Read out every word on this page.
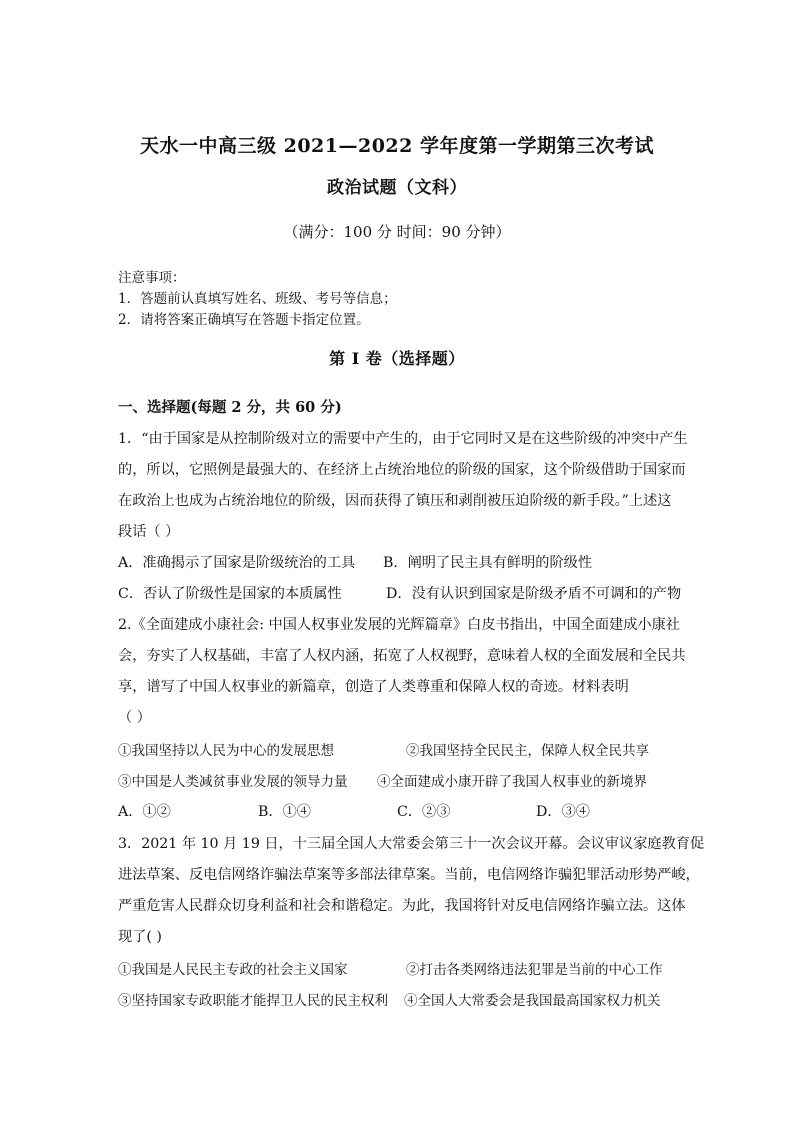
天水一中高三级 2021—2022 学年度第一学期第三次考试
政治试题（文科）
（满分：100 分 时间：90 分钟）
注意事项：
1．答题前认真填写姓名、班级、考号等信息；
2．请将答案正确填写在答题卡指定位置。
第 I 卷（选择题）
一、选择题(每题 2 分，共 60 分)
1．“由于国家是从控制阶级对立的需要中产生的，由于它同时又是在这些阶级的冲突中产生
的，所以，它照例是最强大的、在经济上占统治地位的阶级的国家，这个阶级借助于国家而
在政治上也成为占统治地位的阶级，因而获得了镇压和剥削被压迫阶级的新手段。”上述这
段话（ ）
A．准确揭示了国家是阶级统治的工具 B．阐明了民主具有鲜明的阶级性
C．否认了阶级性是国家的本质属性	D．没有认识到国家是阶级矛盾不可调和的产物
2.《全面建成小康社会: 中国人权事业发展的光辉篇章》白皮书指出，中国全面建成小康社
会，夯实了人权基础，丰富了人权内涵，拓宽了人权视野，意味着人权的全面发展和全民共
享，谱写了中国人权事业的新篇章，创造了人类尊重和保障人权的奇迹。材料表明
（ ）
①我国坚持以人民为中心的发展思想	②我国坚持全民民主，保障人权全民共享
③中国是人类减贫事业发展的领导力量 ④全面建成小康开辟了我国人权事业的新境界
A．①②	B．①④	C．②③	D．③④
3．2021 年 10 月 19 日，十三届全国人大常委会第三十一次会议开幕。会议审议家庭教育促
进法草案、反电信网络诈骗法草案等多部法律草案。当前，电信网络诈骗犯罪活动形势严峻，
严重危害人民群众切身利益和社会和谐稳定。为此，我国将针对反电信网络诈骗立法。这体
现了( )
①我国是人民民主专政的社会主义国家	②打击各类网络违法犯罪是当前的中心工作
③坚持国家专政职能才能捍卫人民的民主权利 ④全国人大常委会是我国最高国家权力机关
